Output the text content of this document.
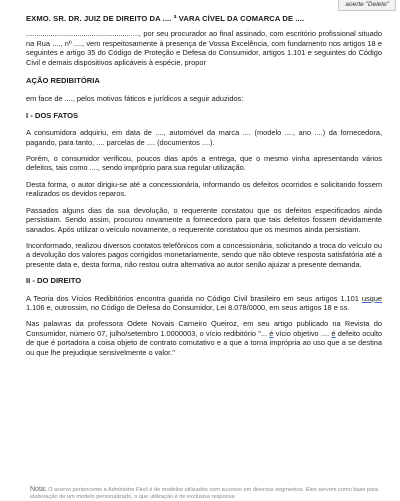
aoerte "Delete"
EXMO. SR. DR. JUIZ DE DIREITO DA .... ª VARA CÍVEL DA COMARCA DE ....

......................................................., por seu procurador ao final assinado, com escritório profissional situado na Rua ...., nº ...., vem respeitosamente à presença de Vossa Excelência, com fundamento nos artigos 18 e seguintes e artigo 35 do Código de Proteção e Defesa do Consumidor, artigos 1.101 e seguintes do Código Civil e demais dispositivos aplicáveis à espécie, propor

AÇÃO REDIBITÓRIA

em face de ...., pelos motivos fáticos e jurídicos a seguir aduzidos:

I - DOS FATOS

A consumidora adquiriu, em data de ...., automóvel da marca .... (modelo ...., ano ....) da fornecedora, pagando, para tanto, .... parcelas de .... (documentos ....).

Porém, o consumidor verificou, poucos dias após a entrega, que o mesmo vinha apresentando vários defeitos, tais como ...., sendo impróprio para sua regular utilização.

Desta forma, o autor dirigiu-se até a concessionária, informando os defeitos ocorridos e solicitando fossem realizados os devidos reparos.

Passados alguns dias da sua devolução, o requerente constatou que os defeitos especificados ainda persistiam. Sendo assim, procurou novamente a fornecedora para que tais defeitos fossem devidamente sanados. Após utilizar o veículo novamente, o requerente constatou que os mesmos ainda persistiam.

Inconformado, realizou diversos contatos telefônicos com a concessionária, solicitando a troca do veículo ou a devolução dos valores pagos corrigidos monetariamente, sendo que não obteve resposta satisfatória até a presente data e, desta forma, não restou outra alternativa ao autor senão ajuizar a presente demanda.

II - DO DIREITO

A Teoria dos Vícios Redibitórios encontra guarida no Código Civil brasileiro em seus artigos 1.101 usque 1.106 e, outrossim, no Código de Defesa do Consumidor, Lei 8.078/0000, em seus artigos 18 e ss.

Nas palavras da professora Odete Novais Carneiro Queiroz, em seu artigo publicado na Revista do Consumidor, número 07, julho/setembro 1.0000003, o vício redibitório "... é vício objetivo .... é defeito oculto de que é portadora a coisa objeto de contrato comutativo e a que a torna imprópria ao uso que a se destina ou que lhe prejudique sensivelmente o valor."

Nota: O acervo pertencente a Administre Fácil é de modelos utilizados com sucesso em diversos segmentos. Eles servem como base para elaboração de um modelo personalizado, o que utilização é de exclusiva responsa
